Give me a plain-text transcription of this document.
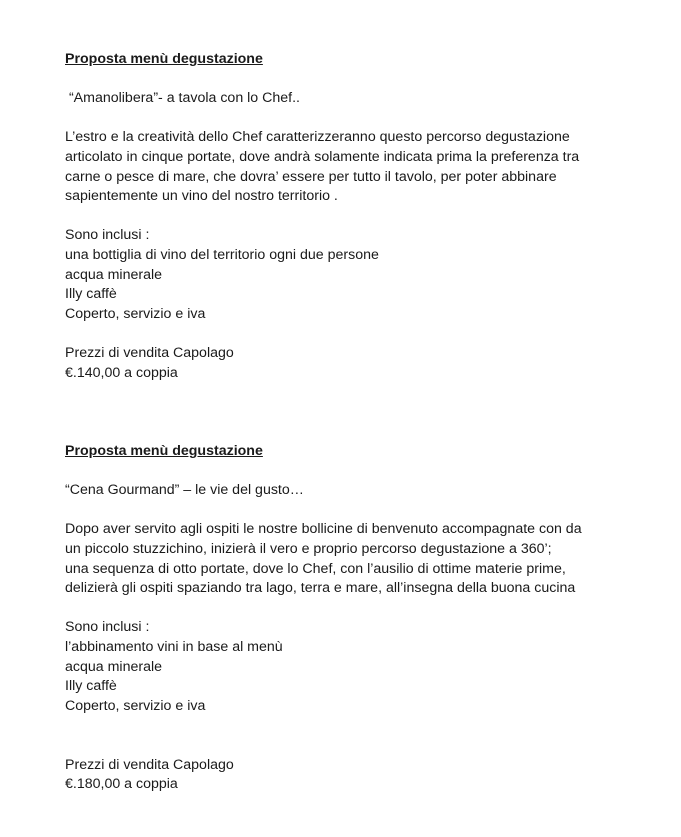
Proposta menù degustazione
“Amanolibera”- a tavola con lo Chef..
L’estro e la creatività dello Chef caratterizzeranno questo percorso degustazione
articolato in cinque portate, dove andrà solamente indicata prima la preferenza tra
carne o pesce di mare, che dovra’ essere per tutto il tavolo, per poter abbinare
sapientemente un vino del nostro territorio .
Sono inclusi :
una bottiglia di vino del territorio ogni due persone
acqua minerale
Illy caffè
Coperto, servizio e iva
Prezzi di vendita Capolago
€.140,00 a coppia
Proposta menù degustazione
“Cena Gourmand” – le vie del gusto…
Dopo aver servito agli ospiti le nostre bollicine di benvenuto accompagnate con da
un piccolo stuzzichino, inizierà il vero e proprio percorso degustazione a 360’;
una sequenza di otto portate, dove lo Chef, con l’ausilio di ottime materie prime,
delizierà gli ospiti spaziando tra lago, terra e mare, all’insegna della buona cucina
Sono inclusi :
l’abbinamento vini in base al menù
acqua minerale
Illy caffè
Coperto, servizio e iva
Prezzi di vendita Capolago
€.180,00 a coppia
